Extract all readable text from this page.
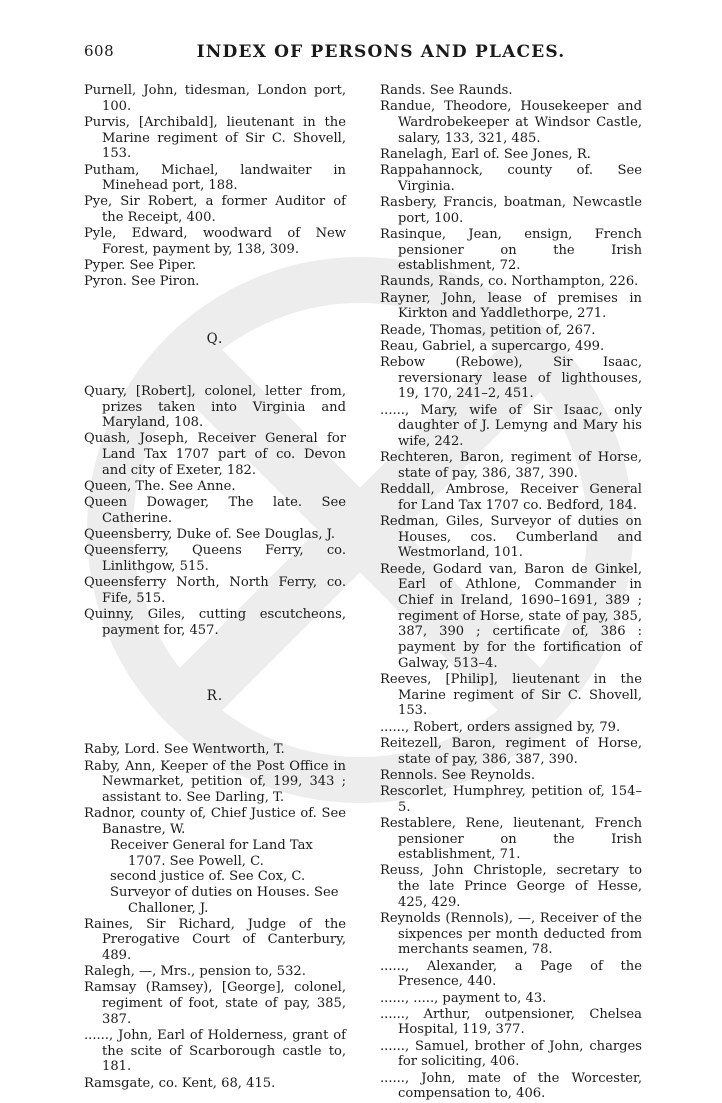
608	INDEX OF PERSONS AND PLACES.

Purnell, John, tidesman, London port, 100.

Purvis, [Archibald], lieutenant in the Marine regiment of Sir C. Shovell, 153.

Putham, Michael, landwaiter in Minehead port, 188.

Pye, Sir Robert, a former Auditor of the Receipt, 400.

Pyle, Edward, woodward of New Forest, payment by, 138, 309.

Pyper. See Piper.

Pyron. See Piron.

Q.

Quary, [Robert], colonel, letter from, prizes taken into Virginia and Maryland, 108.

Quash, Joseph, Receiver General for Land Tax 1707 part of co. Devon and city of Exeter, 182.

Queen, The. See Anne.

Queen Dowager, The late. See Catherine.

Queensberry, Duke of. See Douglas, J.

Queensferry, Queens Ferry, co. Linlithgow, 515.

Queensferry North, North Ferry, co. Fife, 515.

Quinny, Giles, cutting escutcheons, payment for, 457.

R.

Raby, Lord. See Wentworth, T.

Raby, Ann, Keeper of the Post Office in Newmarket, petition of, 199, 343 ; assistant to. See Darling, T.

Radnor, county of, Chief Justice of. See Banastre, W.

Receiver General for Land Tax 1707. See Powell, C.

second justice of. See Cox, C.

Surveyor of duties on Houses. See Challoner, J.

Raines, Sir Richard, Judge of the Prerogative Court of Canterbury, 489.

Ralegh, —, Mrs., pension to, 532.

Ramsay (Ramsey), [George], colonel, regiment of foot, state of pay, 385, 387.

......, John, Earl of Holderness, grant of the scite of Scarborough castle to, 181.

Ramsgate, co. Kent, 68, 415.

Rands. See Raunds.

Randue, Theodore, Housekeeper and Wardrobekeeper at Windsor Castle, salary, 133, 321, 485.

Ranelagh, Earl of. See Jones, R.

Rappahannock, county of. See Virginia.

Rasbery, Francis, boatman, Newcastle port, 100.

Rasinque, Jean, ensign, French pensioner on the Irish establishment, 72.

Raunds, Rands, co. Northampton, 226.

Rayner, John, lease of premises in Kirkton and Yaddlethorpe, 271.

Reade, Thomas, petition of, 267.

Reau, Gabriel, a supercargo, 499.

Rebow (Rebowe), Sir Isaac, reversionary lease of lighthouses, 19, 170, 241–2, 451.

......, Mary, wife of Sir Isaac, only daughter of J. Lemyng and Mary his wife, 242.

Rechteren, Baron, regiment of Horse, state of pay, 386, 387, 390.

Reddall, Ambrose, Receiver General for Land Tax 1707 co. Bedford, 184.

Redman, Giles, Surveyor of duties on Houses, cos. Cumberland and Westmorland, 101.

Reede, Godard van, Baron de Ginkel, Earl of Athlone, Commander in Chief in Ireland, 1690–1691, 389 ; regiment of Horse, state of pay, 385, 387, 390 ; certificate of, 386 : payment by for the fortification of Galway, 513–4.

Reeves, [Philip], lieutenant in the Marine regiment of Sir C. Shovell, 153.

......, Robert, orders assigned by, 79.

Reitezell, Baron, regiment of Horse, state of pay, 386, 387, 390.

Rennols. See Reynolds.

Rescorlet, Humphrey, petition of, 154–5.

Restablere, Rene, lieutenant, French pensioner on the Irish establishment, 71.

Reuss, John Christople, secretary to the late Prince George of Hesse, 425, 429.

Reynolds (Rennols), —, Receiver of the sixpences per month deducted from merchants seamen, 78.

......, Alexander, a Page of the Presence, 440.

......, ....., payment to, 43.

......, Arthur, outpensioner, Chelsea Hospital, 119, 377.

......, Samuel, brother of John, charges for soliciting, 406.

......, John, mate of the Worcester, compensation to, 406.
